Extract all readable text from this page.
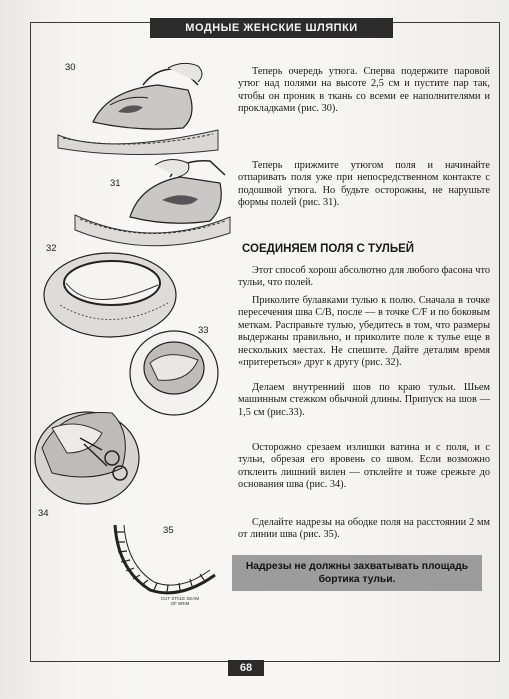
МОДНЫЕ ЖЕНСКИЕ ШЛЯПКИ
30
31
32
33
34
35
CUT STIILE SEAM OF BRIM

Теперь очередь утюга. Сперва подержите паровой утюг над полями на высоте 2,5 см и пустите пар так, чтобы он проник в ткань со всеми ее наполнителями и прокладками (рис. 30).

Теперь прижмите утюгом поля и начинайте отпаривать поля уже при непосредственном контакте с подошвой утюга. Но будьте осторожны, не нарушьте формы полей (рис. 31).

СОЕДИНЯЕМ ПОЛЯ С ТУЛЬЕЙ

Этот способ хорош абсолютно для любого фасона что тульи, что полей.

Приколите булавками тулью к полю. Сначала в точке пересечения шва C/B, после — в точке C/F и по боковым меткам. Расправьте тулью, убедитесь в том, что размеры выдержаны правильно, и приколите поле к тулье еще в нескольких местах. Не спешите. Дайте деталям время «притереться» друг к другу (рис. 32).

Делаем внутренний шов по краю тульи. Шьем машинным стежком обычной длины. Припуск на шов — 1,5 см (рис.33).

Осторожно срезаем излишки ватина и с поля, и с тульи, обрезая его вровень со швом. Если возможно отклеить лишний вилен — отклейте и тоже срежьте до основания шва (рис. 34).

Сделайте надрезы на ободке поля на расстоянии 2 мм от линии шва (рис. 35).

Надрезы не должны захватывать площадь бортика тульи.
68
